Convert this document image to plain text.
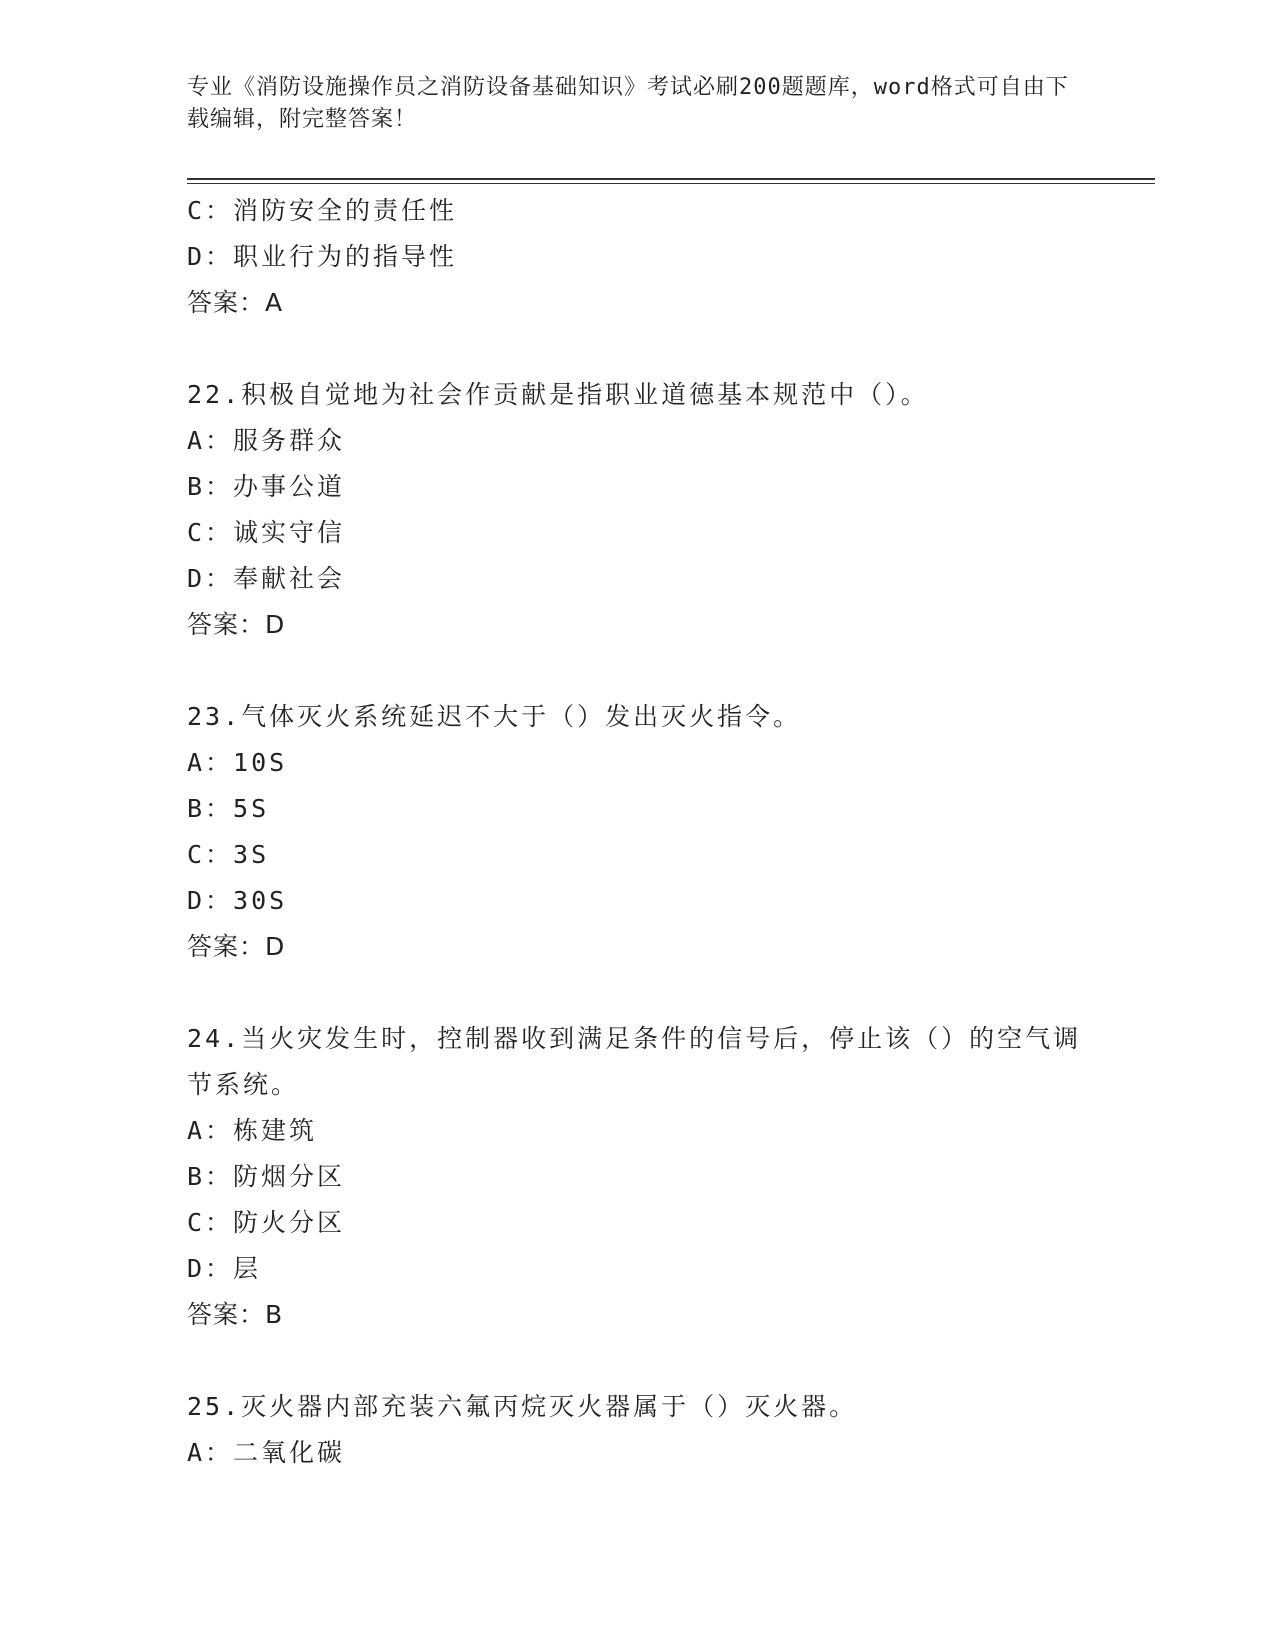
专业《消防设施操作员之消防设备基础知识》考试必刷200题题库，word格式可自由下载编辑，附完整答案！
C：消防安全的责任性
D：职业行为的指导性
答案：A
22.积极自觉地为社会作贡献是指职业道德基本规范中（）。
A：服务群众
B：办事公道
C：诚实守信
D：奉献社会
答案：D
23.气体灭火系统延迟不大于（）发出灭火指令。
A：10S
B：5S
C：3S
D：30S
答案：D
24.当火灾发生时，控制器收到满足条件的信号后，停止该（）的空气调节系统。
A：栋建筑
B：防烟分区
C：防火分区
D：层
答案：B
25.灭火器内部充装六氟丙烷灭火器属于（）灭火器。
A：二氧化碳
